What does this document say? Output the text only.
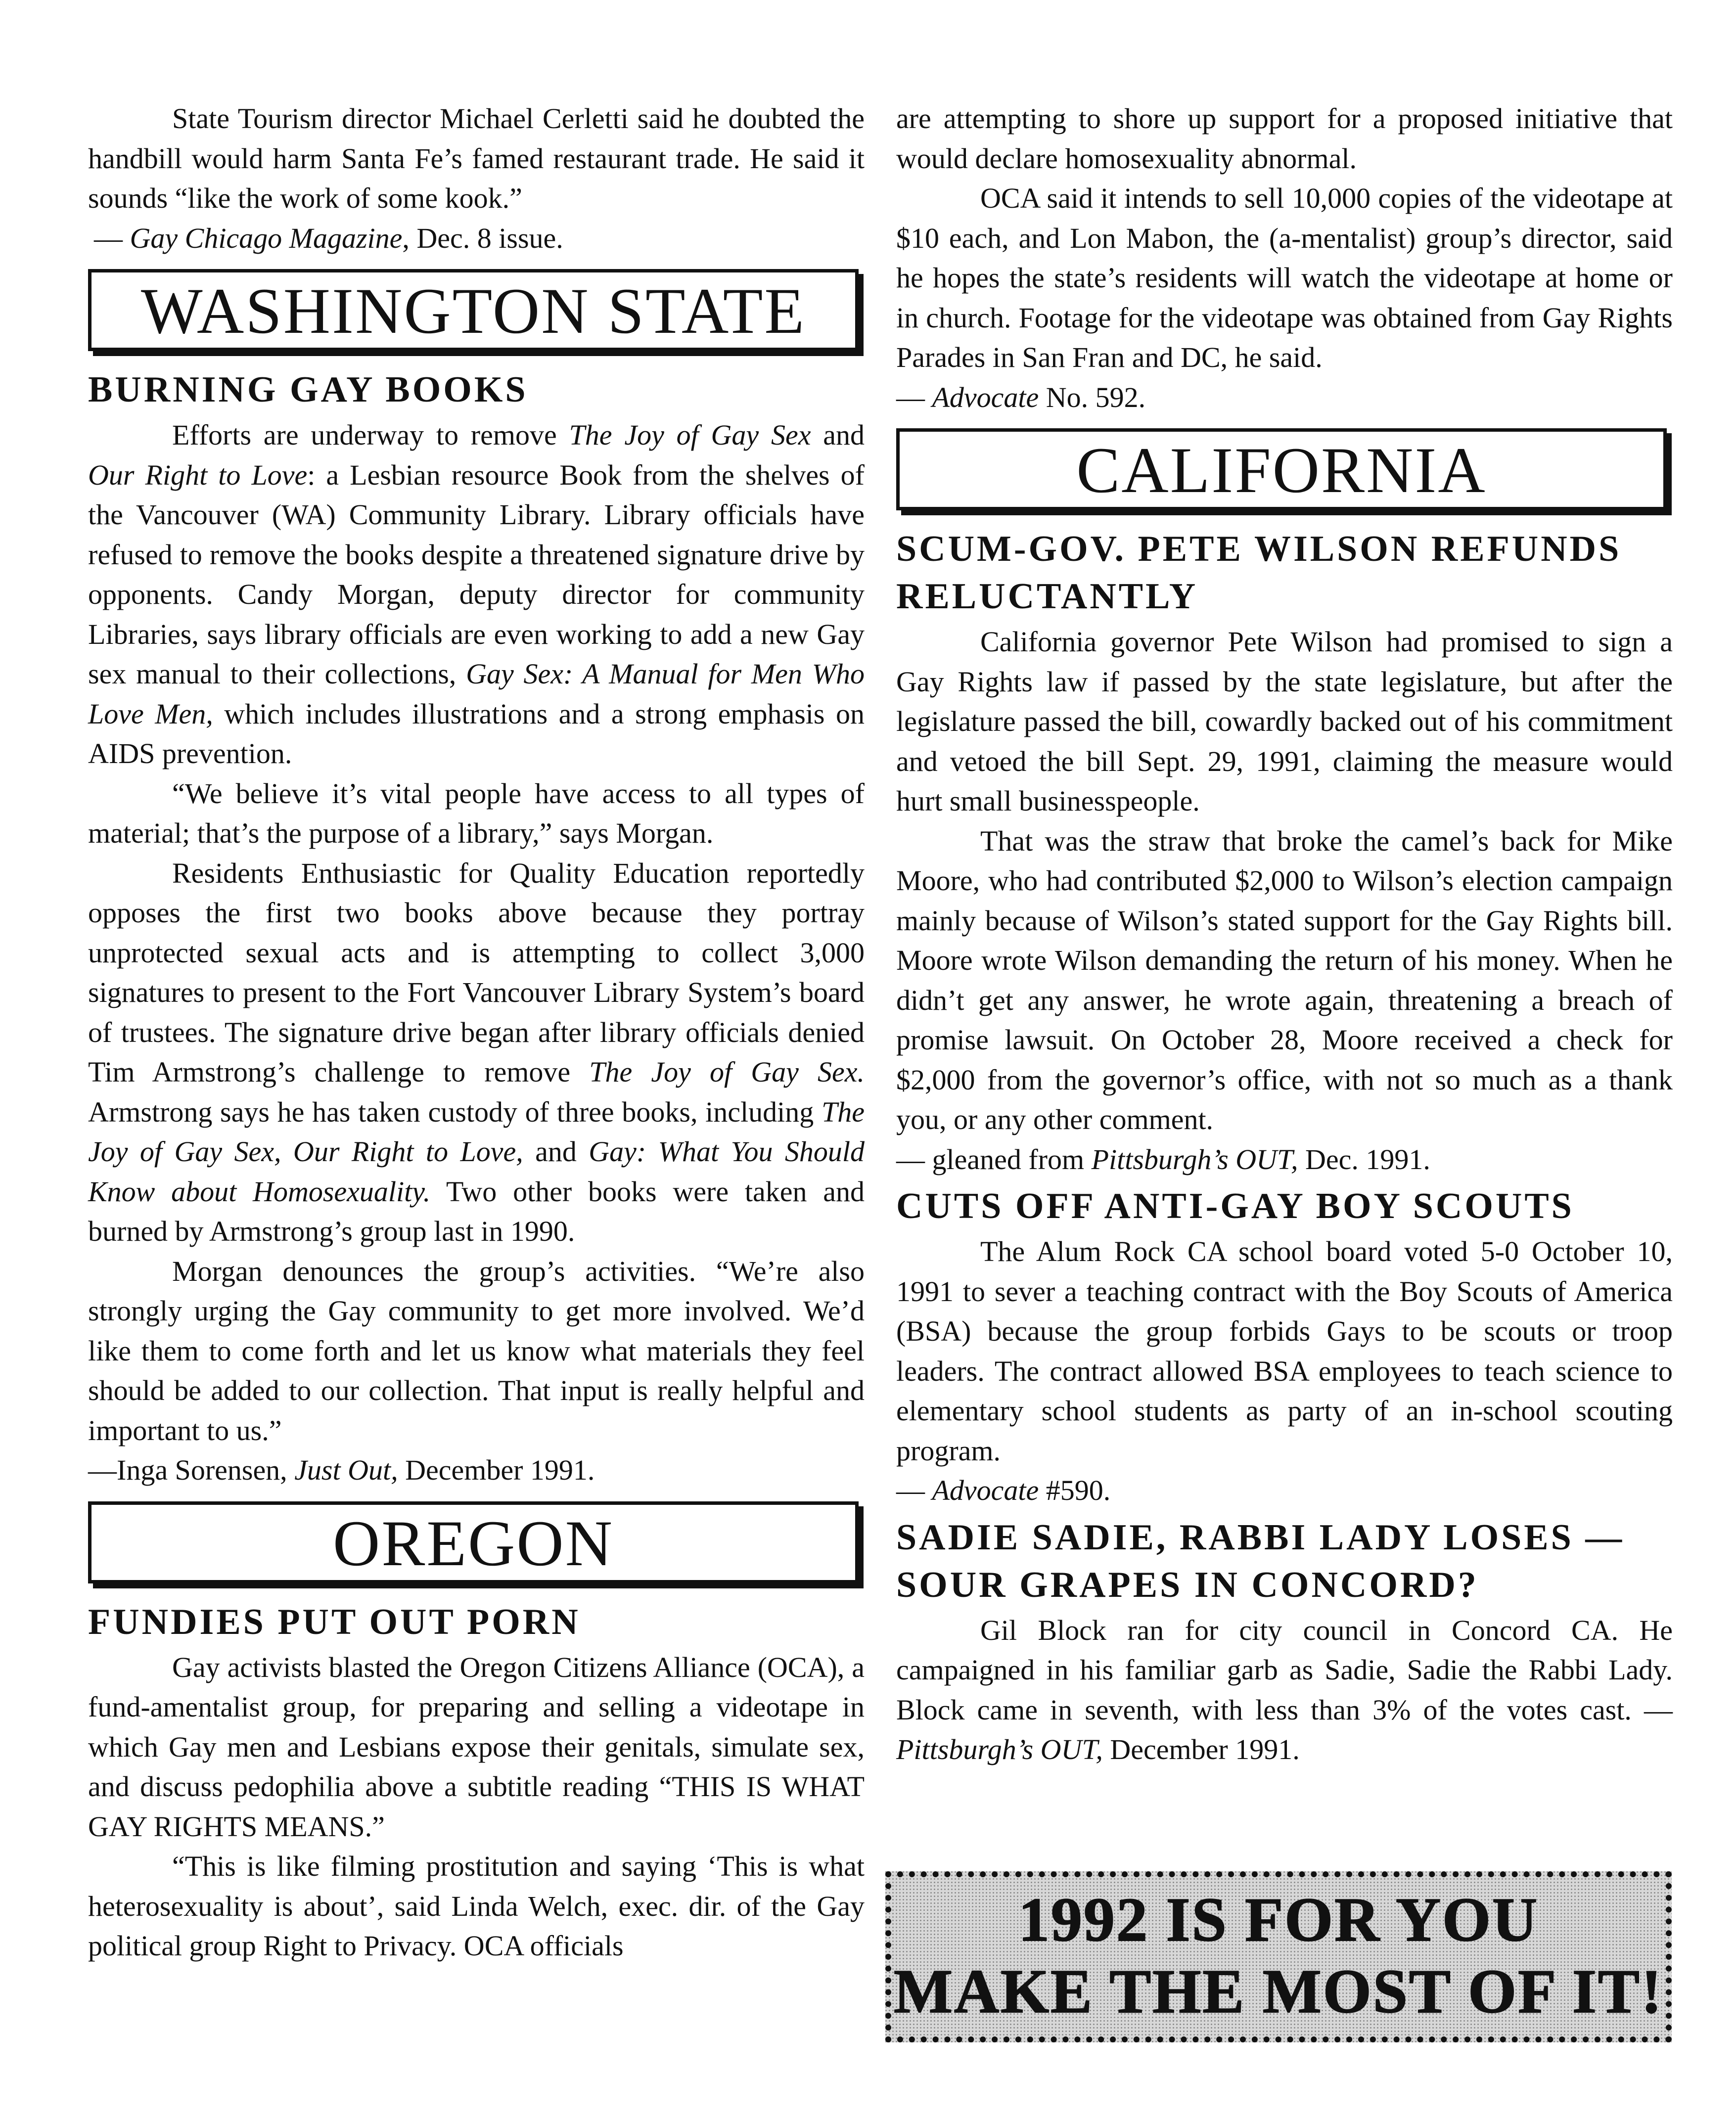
State Tourism director Michael Cerletti said he doubted the handbill would harm Santa Fe’s famed restaurant trade. He said it sounds “like the work of some kook.”

— Gay Chicago Magazine, Dec. 8 issue.

WASHINGTON STATE
BURNING GAY BOOKS

Efforts are underway to remove The Joy of Gay Sex and Our Right to Love: a Lesbian resource Book from the shelves of the Vancouver (WA) Community Library. Library officials have refused to remove the books despite a threatened signature drive by opponents. Candy Morgan, deputy director for community Libraries, says library officials are even working to add a new Gay sex manual to their collections, Gay Sex: A Manual for Men Who Love Men, which includes illustrations and a strong emphasis on AIDS prevention.

“We believe it’s vital people have access to all types of material; that’s the purpose of a library,” says Morgan.

Residents Enthusiastic for Quality Education reportedly opposes the first two books above because they portray unprotected sexual acts and is attempting to collect 3,000 signatures to present to the Fort Vancouver Library System’s board of trustees. The signature drive began after library officials denied Tim Armstrong’s challenge to remove The Joy of Gay Sex. Armstrong says he has taken custody of three books, including The Joy of Gay Sex, Our Right to Love, and Gay: What You Should Know about Homosexuality. Two other books were taken and burned by Armstrong’s group last in 1990.

Morgan denounces the group’s activities. “We’re also strongly urging the Gay community to get more involved. We’d like them to come forth and let us know what materials they feel should be added to our collection. That input is really helpful and important to us.”

—Inga Sorensen, Just Out, December 1991.

OREGON
FUNDIES PUT OUT PORN

Gay activists blasted the Oregon Citizens Alliance (OCA), a fund-amentalist group, for preparing and selling a videotape in which Gay men and Lesbians expose their genitals, simulate sex, and discuss pedophilia above a subtitle reading “THIS IS WHAT GAY RIGHTS MEANS.”

“This is like filming prostitution and saying ‘This is what heterosexuality is about’, said Linda Welch, exec. dir. of the Gay political group Right to Privacy. OCA officials

are attempting to shore up support for a proposed initiative that would declare homosexuality abnormal.

OCA said it intends to sell 10,000 copies of the videotape at $10 each, and Lon Mabon, the (a-mentalist) group’s director, said he hopes the state’s residents will watch the videotape at home or in church. Footage for the videotape was obtained from Gay Rights Parades in San Fran and DC, he said.

— Advocate No. 592.

CALIFORNIA
SCUM-GOV. PETE WILSON REFUNDS RELUCTANTLY

California governor Pete Wilson had promised to sign a Gay Rights law if passed by the state legislature, but after the legislature passed the bill, cowardly backed out of his commitment and vetoed the bill Sept. 29, 1991, claiming the measure would hurt small businesspeople.

That was the straw that broke the camel’s back for Mike Moore, who had contributed $2,000 to Wilson’s election campaign mainly because of Wilson’s stated support for the Gay Rights bill. Moore wrote Wilson demanding the return of his money. When he didn’t get any answer, he wrote again, threatening a breach of promise lawsuit. On October 28, Moore received a check for $2,000 from the governor’s office, with not so much as a thank you, or any other comment.

— gleaned from Pittsburgh’s OUT, Dec. 1991.

CUTS OFF ANTI-GAY BOY SCOUTS

The Alum Rock CA school board voted 5-0 October 10, 1991 to sever a teaching contract with the Boy Scouts of America (BSA) because the group forbids Gays to be scouts or troop leaders. The contract allowed BSA employees to teach science to elementary school students as party of an in-school scouting program.

— Advocate #590.

SADIE SADIE, RABBI LADY LOSES — SOUR GRAPES IN CONCORD?

Gil Block ran for city council in Concord CA. He campaigned in his familiar garb as Sadie, Sadie the Rabbi Lady. Block came in seventh, with less than 3% of the votes cast. — Pittsburgh’s OUT, December 1991.

1992 IS FOR YOU
MAKE THE MOST OF IT!
